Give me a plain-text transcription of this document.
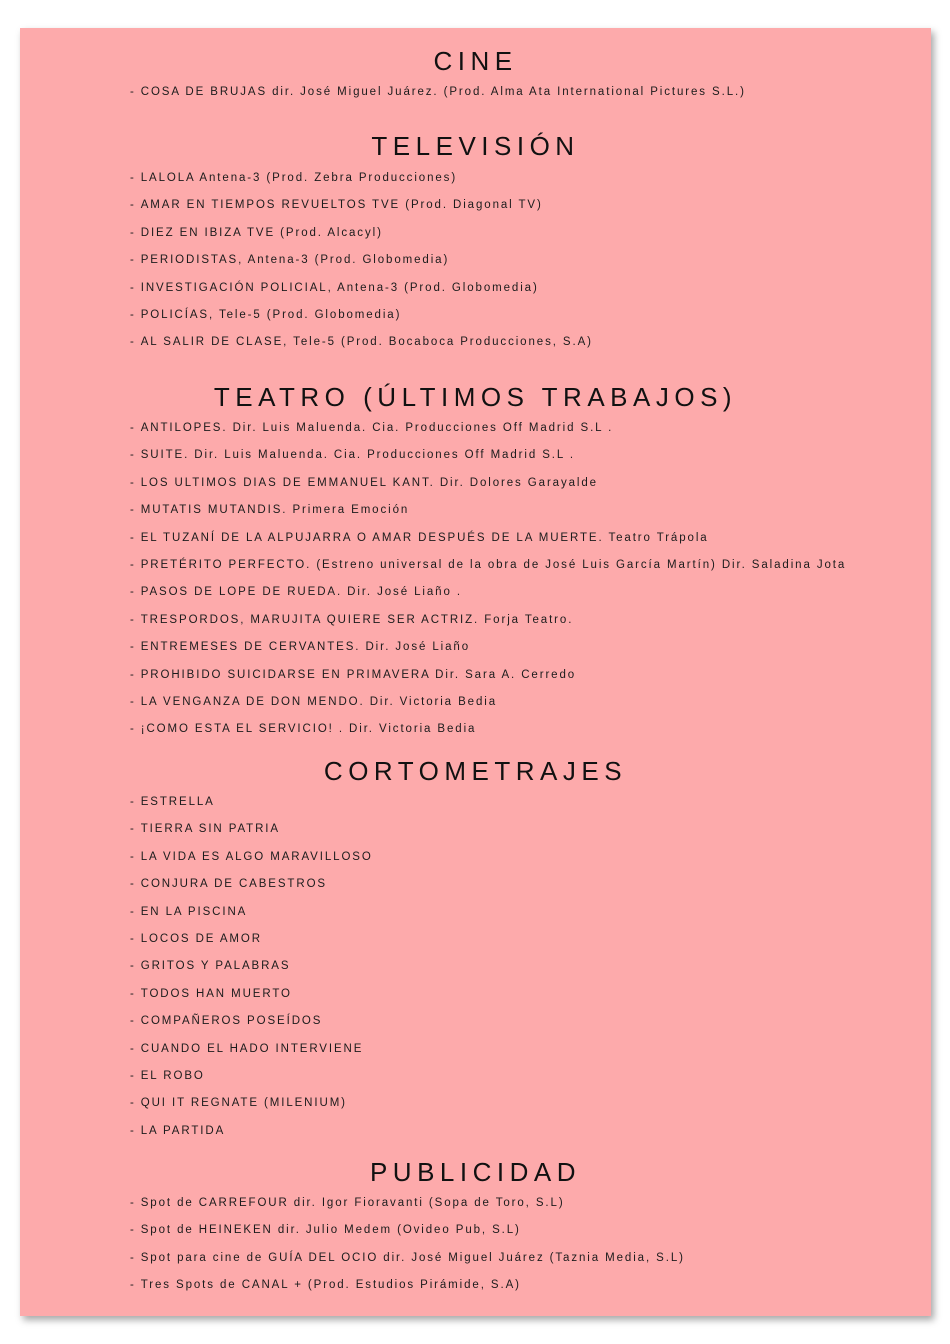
CINE
- COSA DE BRUJAS dir. José Miguel Juárez. (Prod. Alma Ata International Pictures S.L.)
TELEVISIÓN
- LALOLA Antena-3 (Prod. Zebra Producciones)
- AMAR EN TIEMPOS REVUELTOS TVE (Prod. Diagonal TV)
- DIEZ EN IBIZA TVE (Prod. Alcacyl)
- PERIODISTAS, Antena-3 (Prod. Globomedia)
- INVESTIGACIÓN POLICIAL, Antena-3 (Prod. Globomedia)
- POLICÍAS, Tele-5 (Prod. Globomedia)
- AL SALIR DE CLASE, Tele-5 (Prod. Bocaboca Producciones, S.A)
TEATRO (ÚLTIMOS TRABAJOS)
- ANTILOPES. Dir. Luis Maluenda. Cia. Producciones Off Madrid S.L .
- SUITE. Dir. Luis Maluenda. Cia. Producciones Off Madrid S.L .
- LOS ULTIMOS DIAS DE EMMANUEL KANT. Dir. Dolores Garayalde
- MUTATIS MUTANDIS. Primera Emoción
- EL TUZANÍ DE LA ALPUJARRA O AMAR DESPUÉS DE LA MUERTE. Teatro Trápola
- PRETÉRITO PERFECTO. (Estreno universal de la obra de José Luis García Martín) Dir. Saladina Jota
- PASOS DE LOPE DE RUEDA. Dir. José Liaño .
- TRESPORDOS, MARUJITA QUIERE SER ACTRIZ. Forja Teatro.
- ENTREMESES DE CERVANTES. Dir. José Liaño
- PROHIBIDO SUICIDARSE EN PRIMAVERA Dir. Sara A. Cerredo
- LA VENGANZA DE DON MENDO. Dir. Victoria Bedia
- ¡COMO ESTA EL SERVICIO! . Dir. Victoria Bedia
CORTOMETRAJES
- ESTRELLA
- TIERRA SIN PATRIA
- LA VIDA ES ALGO MARAVILLOSO
- CONJURA DE CABESTROS
- EN LA PISCINA
- LOCOS DE AMOR
- GRITOS Y PALABRAS
- TODOS HAN MUERTO
- COMPAÑEROS POSEÍDOS
- CUANDO EL HADO INTERVIENE
- EL ROBO
- QUI IT REGNATE (MILENIUM)
- LA PARTIDA
PUBLICIDAD
- Spot de CARREFOUR dir. Igor Fioravanti (Sopa de Toro, S.L)
- Spot de HEINEKEN dir. Julio Medem (Ovideo Pub, S.L)
- Spot para cine de GUÍA DEL OCIO dir. José Miguel Juárez (Taznia Media, S.L)
- Tres Spots de CANAL + (Prod. Estudios Pirámide, S.A)
